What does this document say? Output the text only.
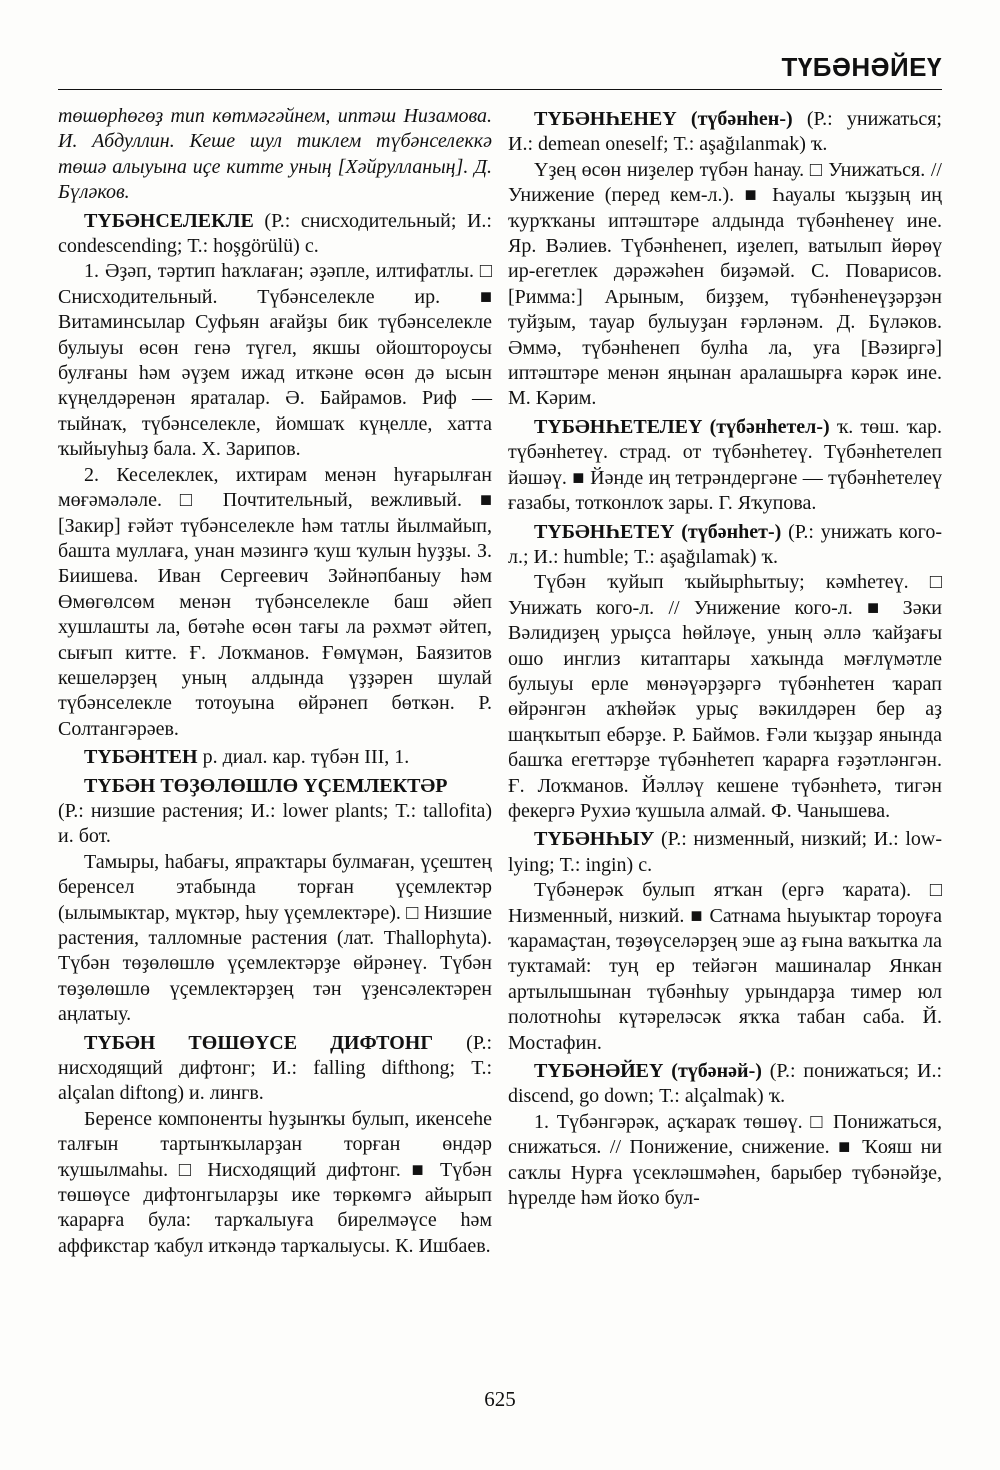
ТҮБӘНӘЙЕҮ

төшөрһөгөҙ тип көтмәгәйнем, иптәш Низамова. И. Абдуллин. Кеше шул тиклем түбәнселеккә төшә алыуына иҫе китте уның [Хәйрулланың]. Д. Бүләков.

ТҮБӘНСЕЛЕКЛЕ (Р.: снисходительный; И.: condescending; Т.: hoşgörülü) с.

1. Әҙәп, тәртип һаҡлаған; әҙәпле, илтифатлы. □ Снисходительный. Түбәнселекле ир. ■ Витаминсылар Суфьян ағайҙы бик түбәнселекле булыуы өсөн генә түгел, якшы ойоштороусы булғаны һәм әүҙем ижад иткәне өсөн дә ысын күңелдәренән яраталар. Ә. Байрамов. Риф — тыйнаҡ, түбәнселекле, йомшаҡ күңелле, хатта ҡыйыуһыҙ бала. Х. Зарипов.

2. Кеселеклек, ихтирам менән һуғарылған мөғәмәләле. □ Почтительный, вежливый. ■ [Закир] ғәйәт түбәнселекле һәм татлы йылмайып, башта муллаға, унан мәзингә ҡуш ҡулын һуҙҙы. З. Биишева. Иван Сергеевич Зәйнәпбаныу һәм Өмөгөлсөм менән түбәнселекле баш әйеп хушлашты ла, бөтәһе өсөн тағы ла рәхмәт әйтеп, сығып китте. Ғ. Лоҡманов. Ғөмүмән, Баязитов кешеләрҙең уның алдында үҙҙәрен шулай түбәнселекле тотоуына өйрәнеп бөткән. Р. Солтангәрәев.

ТҮБӘНТЕН р. диал. кар. түбән III, 1.

ТҮБӘН ТӨҘӨЛӨШЛӨ ҮҪЕМЛЕКТӘР

(Р.: низшие растения; И.: lower plants; Т.: tallofita) и. бот.

Тамыры, һабағы, япраҡтары булмаған, үҫештең беренсел этабында торған үҫемлектәр (ылымыктар, мүктәр, һыу үҫемлектәре). □ Низшие растения, талломные растения (лат. Thallophyta). Түбән төҙөлөшлө үҫемлектәрҙе өйрәнеү. Түбән төҙөлөшлө үҫемлектәрҙең тән үҙенсәлектәрен аңлатыу.

ТҮБӘН ТӨШӨҮСЕ ДИФТОНГ (Р.: нисходящий дифтонг; И.: falling difthong; Т.: alçalan diftong) и. лингв.

Беренсе компоненты һуҙынҡы булып, икенсеһе талғын тартынҡыларҙан торған өндәр ҡушылмаһы. □ Нисходящий дифтонг. ■ Түбән төшөүсе дифтонгыларҙы ике төркөмгә айырып ҡарарға була: тарҡалыуға бирелмәүсе һәм аффикстар ҡабул иткәндә тарҡалыусы. К. Ишбаев.

ТҮБӘНҺЕНЕҮ (түбәнһен-) (Р.: унижаться; И.: demean oneself; Т.: aşağılanmak) ҡ.

Үҙең өсөн ниҙелер түбән һанау. □ Унижаться. // Унижение (перед кем-л.). ■ Һауалы ҡыҙҙың иң ҡурҡҡаны иптәштәре алдында түбәнһенеү ине. Яр. Вәлиев. Түбәнһенеп, иҙелеп, ватылып йөрөү ир-егетлек дәрәжәһен биҙәмәй. С. Поварисов. [Римма:] Арыным, биҙҙем, түбәнһенеүҙәрҙән туйҙым, тауар булыуҙан ғәрләнәм. Д. Бүләков. Әммә, түбәнһенеп булһа ла, уға [Вәзиргә] иптәштәре менән яңынан аралашырға кәрәк ине. М. Кәрим.

ТҮБӘНҺЕТЕЛЕҮ (түбәнһетел-) ҡ. төш. ҡар. түбәнһетеү. страд. от түбәнһетеү. Түбәнһетелеп йәшәү. ■ Йәнде иң тетрәндергәне — түбәнһетелеү ғазабы, тотконлоҡ зары. Г. Яҡупова.

ТҮБӘНҺЕТЕҮ (түбәнһет-) (Р.: унижать кого-л.; И.: humble; Т.: aşağılamak) ҡ.

Түбән ҡуйып ҡыйырһытыу; кәмһетеү. □ Унижать кого-л. // Унижение кого-л. ■ Зәки Вәлидиҙең урыҫса һөйләүе, уның әллә ҡайҙағы ошо инглиз китаптары хаҡында мәғлүмәтле булыуы ерле мөнәүәрҙәргә түбәнһетен ҡарап өйрәнгән аҡһөйәк урыҫ вәкилдәрен бер аҙ шаңҡытып ебәрҙе. Р. Баймов. Ғәли ҡыҙҙар янында башҡа егеттәрҙе түбәнһетеп ҡарарға ғәҙәтләнгән. Ғ. Лоҡманов. Йәлләү кешене түбәнһетә, тигән фекергә Рухиә ҡушыла алмай. Ф. Чанышева.

ТҮБӘНҺЫУ (Р.: низменный, низкий; И.: low-lying; Т.: ingin) с.

Түбәнерәк булып ятҡан (ергә ҡарата). □ Низменный, низкий. ■ Сатнама һыуыктар тороуға ҡарамаҫтан, төҙөүселәрҙең эше аҙ ғына ваҡытка ла туктамай: туң ер тейәгән машиналар Янкан артылышынан түбәнһыу урындарҙа тимер юл полотноһы күтәреләсәк яҡҡа табан саба. Й. Мостафин.

ТҮБӘНӘЙЕҮ (түбәнәй-) (Р.: понижаться; И.: discend, go down; Т.: alçalmak) ҡ.

1. Түбәнгәрәк, аҫҡараҡ төшөү. □ Понижаться, снижаться. // Понижение, снижение. ■ Ҡояш ни саҡлы Нурға үсекләшмәһен, барыбер түбәнәйҙе, һүрелде һәм йоҡо бул-

625
